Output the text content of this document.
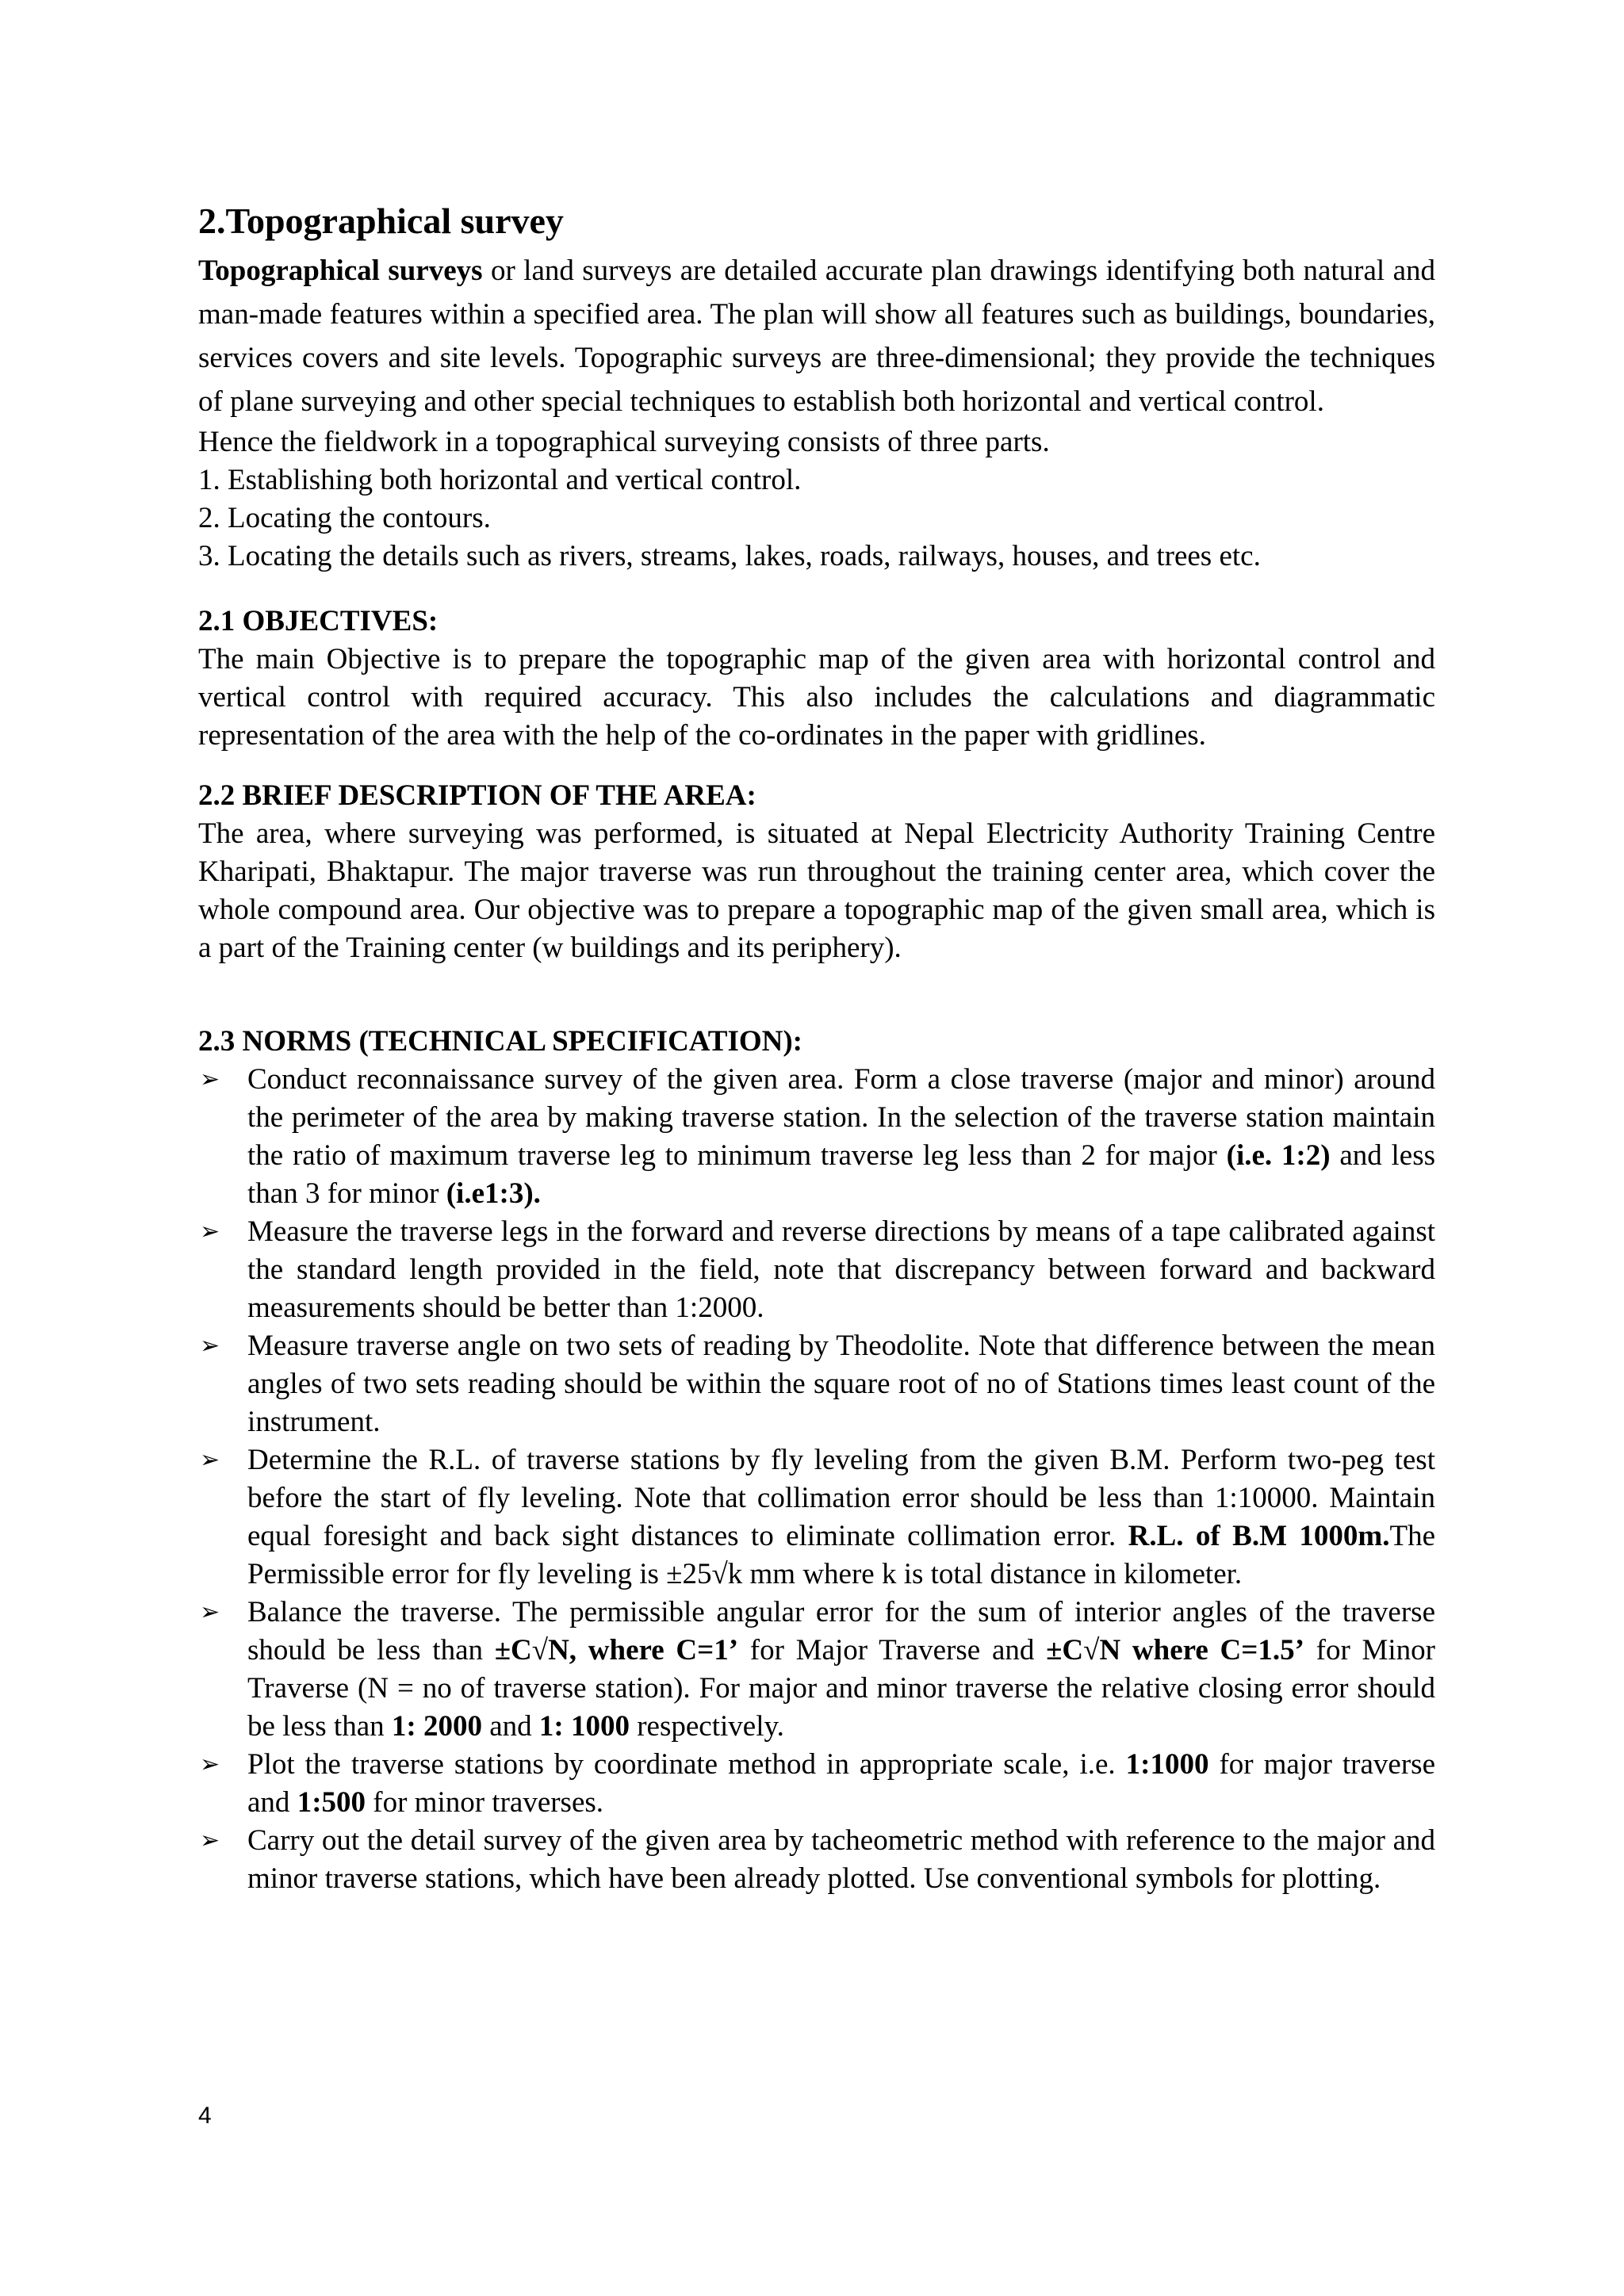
2.Topographical survey

Topographical surveys or land surveys are detailed accurate plan drawings identifying both natural and man-made features within a specified area. The plan will show all features such as buildings, boundaries, services covers and site levels. Topographic surveys are three-dimensional; they provide the techniques of plane surveying and other special techniques to establish both horizontal and vertical control.

Hence the fieldwork in a topographical surveying consists of three parts.

1. Establishing both horizontal and vertical control.

2. Locating the contours.

3. Locating the details such as rivers, streams, lakes, roads, railways, houses, and trees etc.

2.1 OBJECTIVES:

The main Objective is to prepare the topographic map of the given area with horizontal control and vertical control with required accuracy. This also includes the calculations and diagrammatic representation of the area with the help of the co-ordinates in the paper with gridlines.

2.2 BRIEF DESCRIPTION OF THE AREA:

The area, where surveying was performed, is situated at Nepal Electricity Authority Training Centre Kharipati, Bhaktapur. The major traverse was run throughout the training center area, which cover the whole compound area. Our objective was to prepare a topographic map of the given small area, which is a part of the Training center (w buildings and its periphery).

2.3 NORMS (TECHNICAL SPECIFICATION):
➢ Conduct reconnaissance survey of the given area. Form a close traverse (major and minor) around the perimeter of the area by making traverse station. In the selection of the traverse station maintain the ratio of maximum traverse leg to minimum traverse leg less than 2 for major (i.e. 1:2) and less than 3 for minor (i.e1:3).
➢ Measure the traverse legs in the forward and reverse directions by means of a tape calibrated against the standard length provided in the field, note that discrepancy between forward and backward measurements should be better than 1:2000.
➢ Measure traverse angle on two sets of reading by Theodolite. Note that difference between the mean angles of two sets reading should be within the square root of no of Stations times least count of the instrument.
➢ Determine the R.L. of traverse stations by fly leveling from the given B.M. Perform two-peg test before the start of fly leveling. Note that collimation error should be less than 1:10000. Maintain equal foresight and back sight distances to eliminate collimation error. R.L. of B.M 1000m.The Permissible error for fly leveling is ±25√k mm where k is total distance in kilometer.
➢ Balance the traverse. The permissible angular error for the sum of interior angles of the traverse should be less than ±C√N, where C=1’ for Major Traverse and ±C√N where C=1.5’ for Minor Traverse (N = no of traverse station). For major and minor traverse the relative closing error should be less than 1: 2000 and 1: 1000 respectively.
➢ Plot the traverse stations by coordinate method in appropriate scale, i.e. 1:1000 for major traverse and 1:500 for minor traverses.
➢ Carry out the detail survey of the given area by tacheometric method with reference to the major and minor traverse stations, which have been already plotted. Use conventional symbols for plotting.
4
